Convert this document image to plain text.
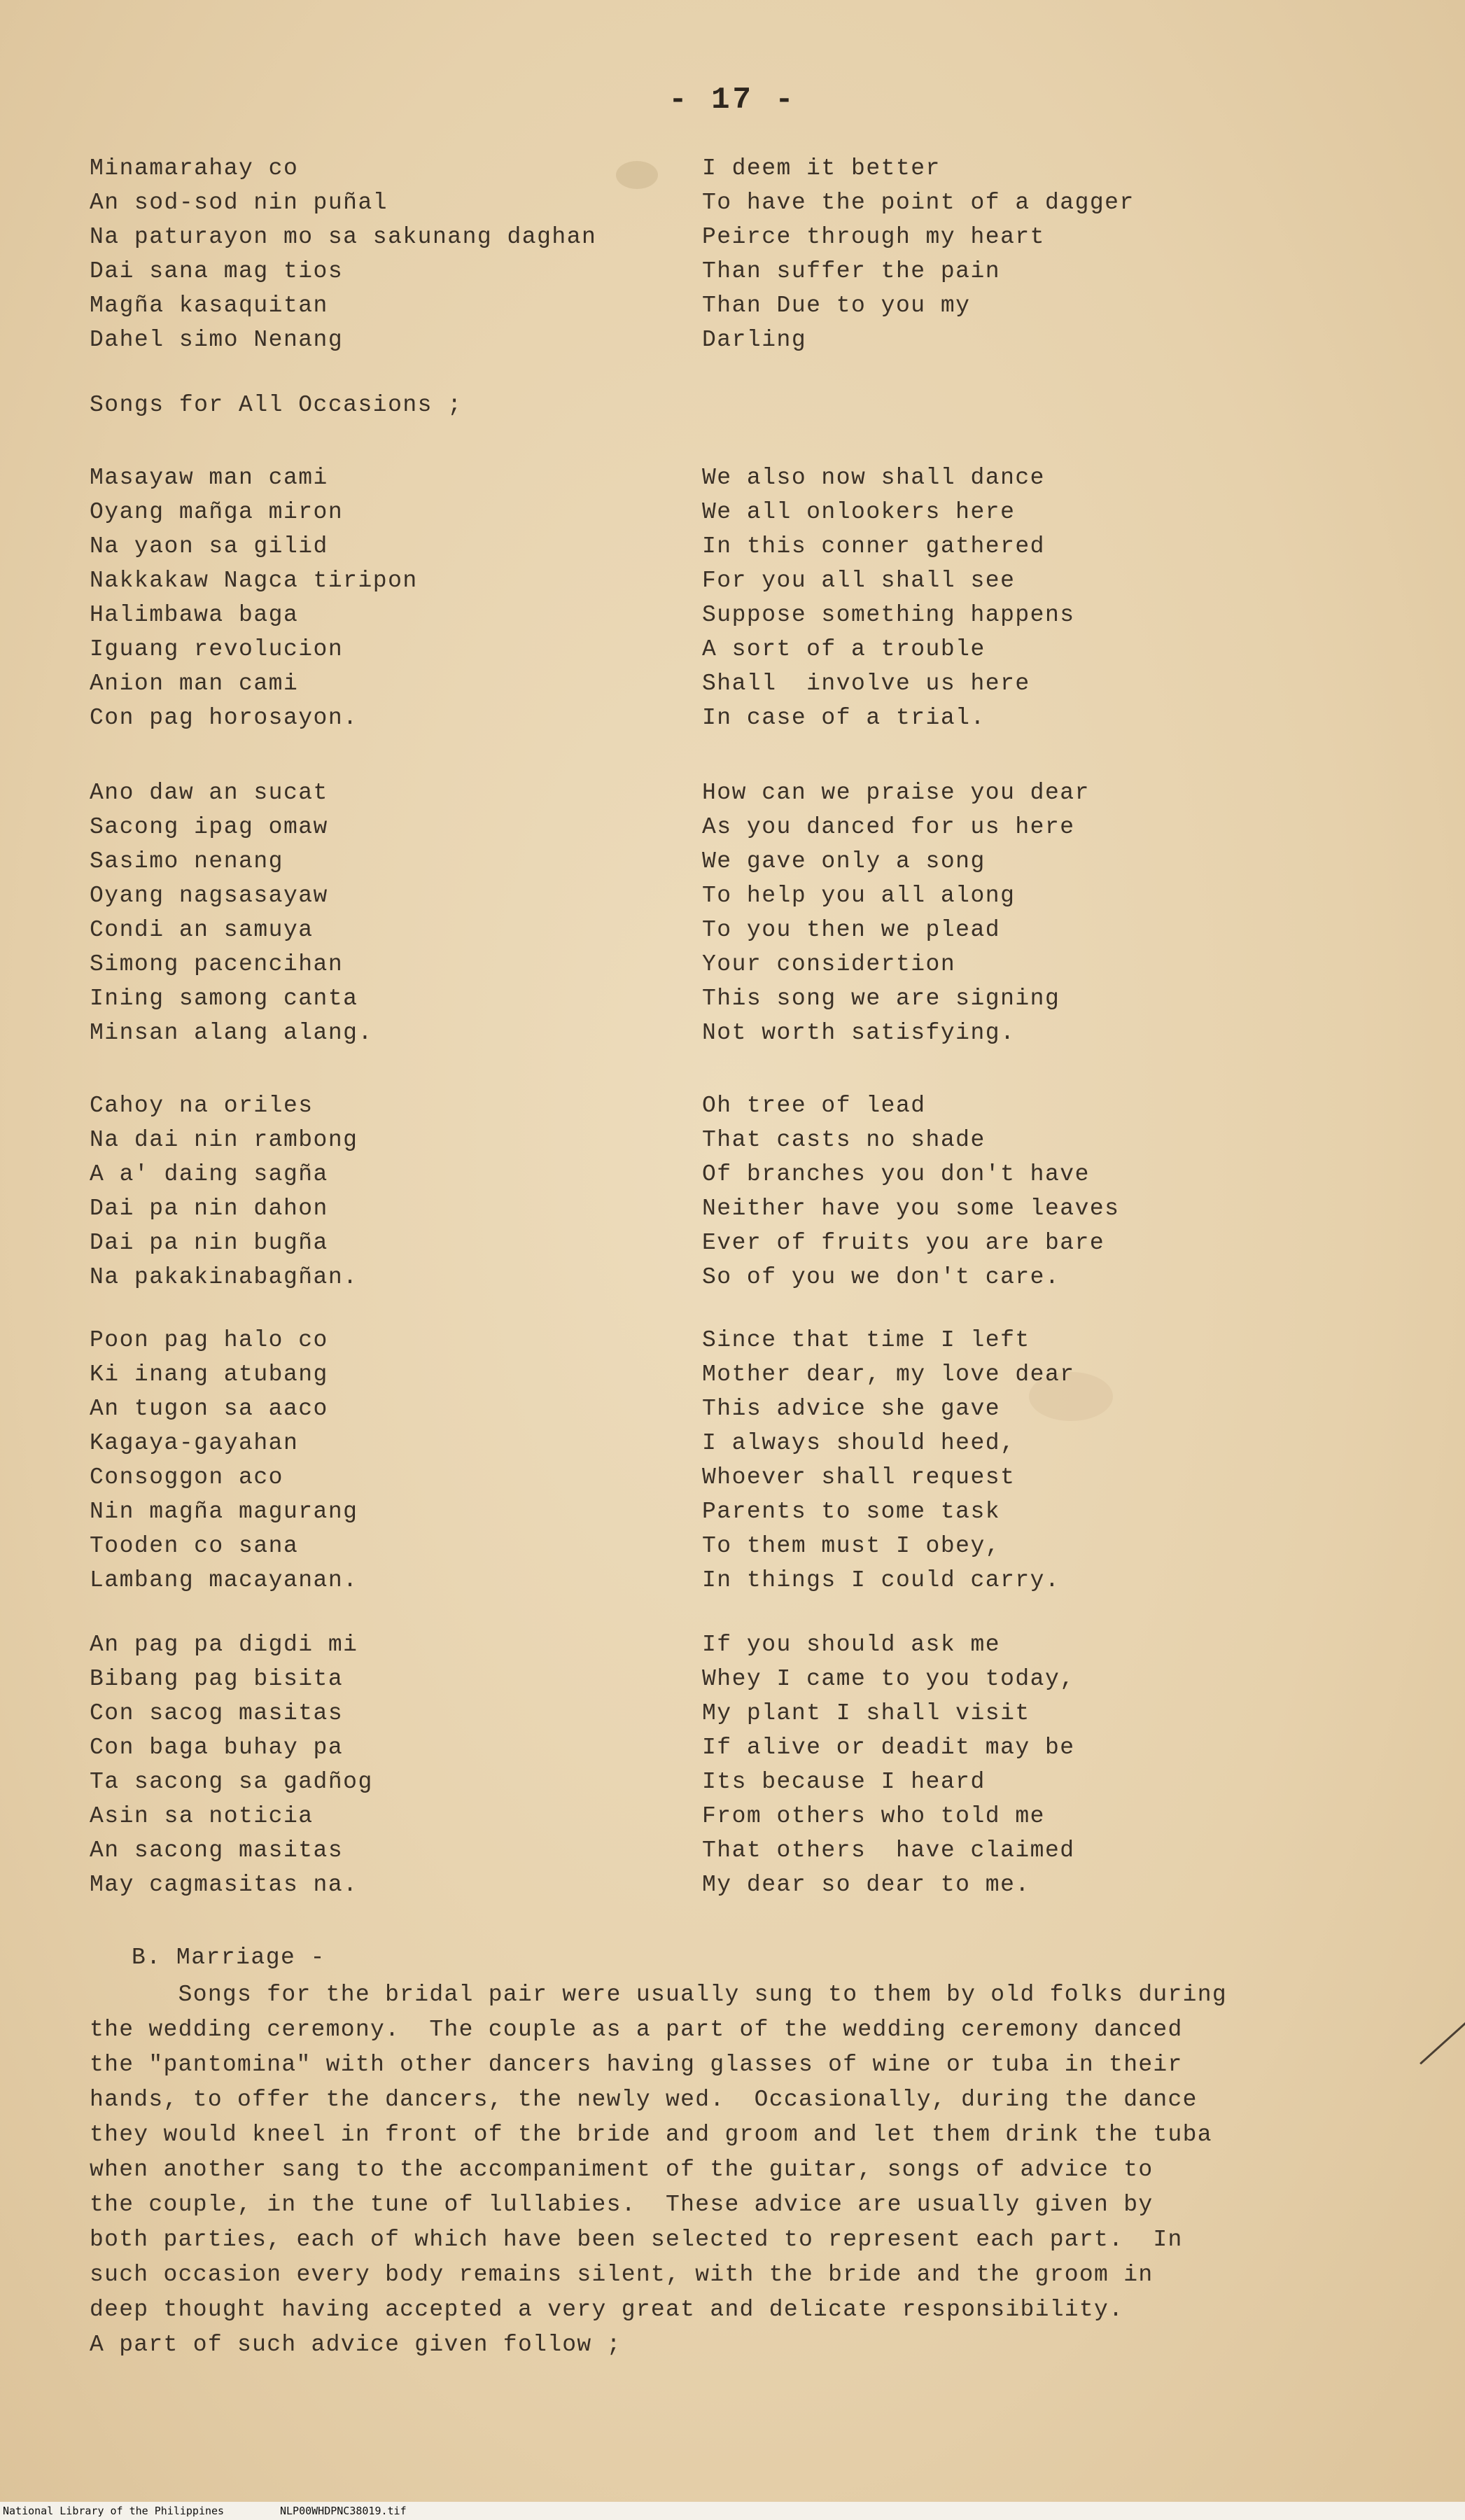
- 17 -
Minamarahay co
An sod-sod nin puñal
Na paturayon mo sa sakunang daghan
Dai sana mag tios
Magña kasaquitan
Dahel simo Nenang
I deem it better
To have the point of a dagger
Peirce through my heart
Than suffer the pain
Than Due to you my
Darling
Songs for All Occasions ;
Masayaw man cami
Oyang mañga miron
Na yaon sa gilid
Nakkakaw Nagca tiripon
Halimbawa baga
Iguang revolucion
Anion man cami
Con pag horosayon.
We also now shall dance
We all onlookers here
In this conner gathered
For you all shall see
Suppose something happens
A sort of a trouble
Shall  involve us here
In case of a trial.
Ano daw an sucat
Sacong ipag omaw
Sasimo nenang
Oyang nagsasayaw
Condi an samuya
Simong pacencihan
Ining samong canta
Minsan alang alang.
How can we praise you dear
As you danced for us here
We gave only a song
To help you all along
To you then we plead
Your considertion
This song we are signing
Not worth satisfying.
Cahoy na oriles
Na dai nin rambong
A a' daing sagña
Dai pa nin dahon
Dai pa nin bugña
Na pakakinabagñan.
Oh tree of lead
That casts no shade
Of branches you don't have
Neither have you some leaves
Ever of fruits you are bare
So of you we don't care.
Poon pag halo co
Ki inang atubang
An tugon sa aaco
Kagaya-gayahan
Consoggon aco
Nin magña magurang
Tooden co sana
Lambang macayanan.
Since that time I left
Mother dear, my love dear
This advice she gave
I always should heed,
Whoever shall request
Parents to some task
To them must I obey,
In things I could carry.
An pag pa digdi mi
Bibang pag bisita
Con sacog masitas
Con baga buhay pa
Ta sacong sa gadñog
Asin sa noticia
An sacong masitas
May cagmasitas na.
If you should ask me
Whey I came to you today,
My plant I shall visit
If alive or deadit may be
Its because I heard
From others who told me
That others  have claimed
My dear so dear to me.
B. Marriage -
Songs for the bridal pair were usually sung to them by old folks during
the wedding ceremony.  The couple as a part of the wedding ceremony danced
the "pantomina" with other dancers having glasses of wine or tuba in their
hands, to offer the dancers, the newly wed.  Occasionally, during the dance
they would kneel in front of the bride and groom and let them drink the tuba
when another sang to the accompaniment of the guitar, songs of advice to
the couple, in the tune of lullabies.  These advice are usually given by
both parties, each of which have been selected to represent each part.  In
such occasion every body remains silent, with the bride and the groom in
deep thought having accepted a very great and delicate responsibility.
A part of such advice given follow ;
National Library of the Philippines	NLP00WHDPNC38019.tif
